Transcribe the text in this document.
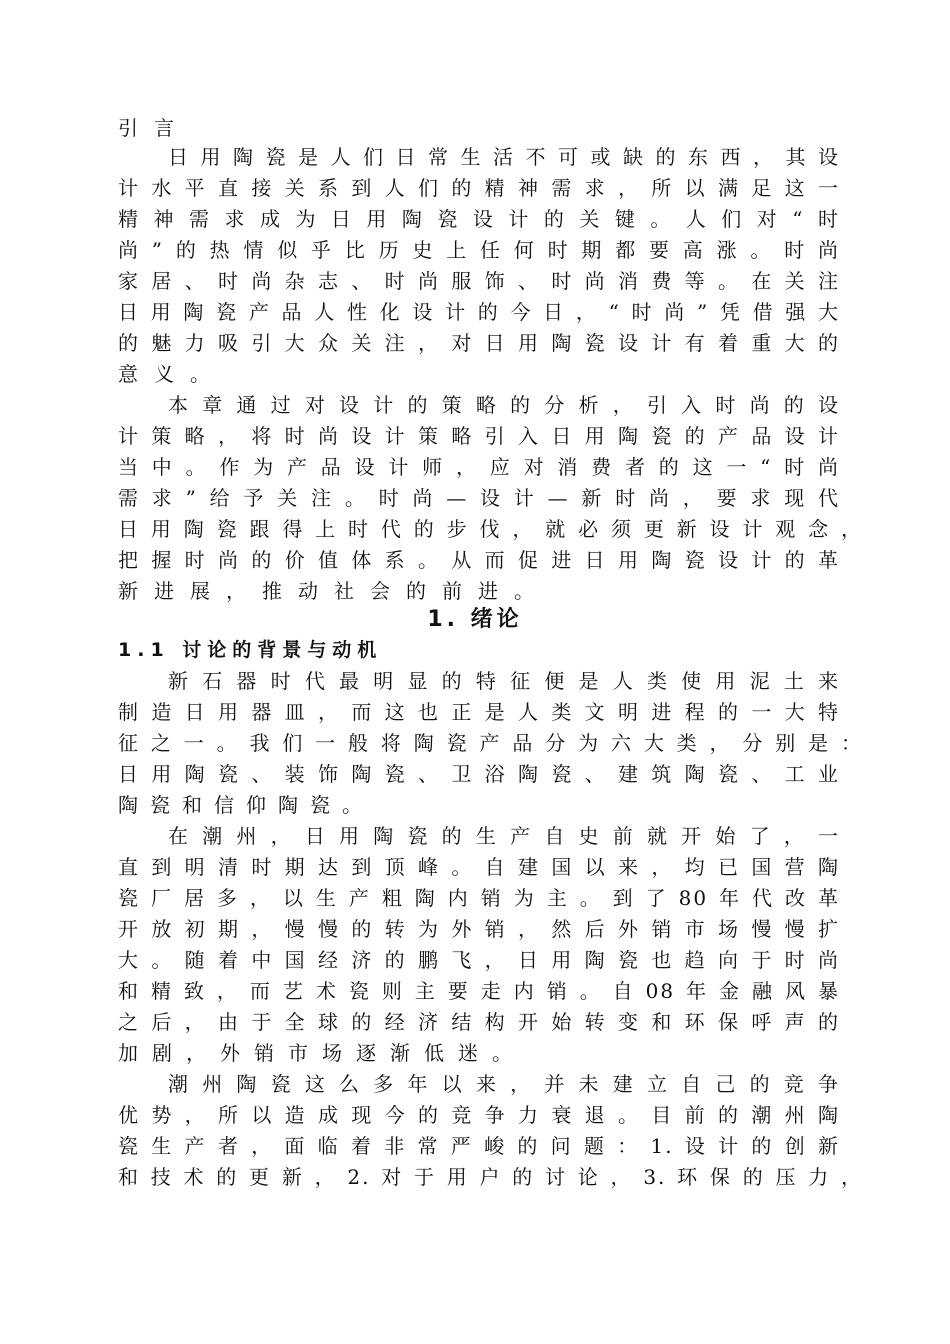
引言
日用陶瓷是人们日常生活不可或缺的东西，其设
计水平直接关系到人们的精神需求，所以满足这一
精神需求成为日用陶瓷设计的关键。人们对“时
尚”的热情似乎比历史上任何时期都要高涨。时尚
家居、时尚杂志、时尚服饰、时尚消费等。在关注
日用陶瓷产品人性化设计的今日，“时尚”凭借强大
的魅力吸引大众关注，对日用陶瓷设计有着重大的
意义。
本章通过对设计的策略的分析，引入时尚的设
计策略，将时尚设计策略引入日用陶瓷的产品设计
当中。作为产品设计师，应对消费者的这一“时尚
需求”给予关注。时尚—设计—新时尚，要求现代
日用陶瓷跟得上时代的步伐，就必须更新设计观念，
把握时尚的价值体系。从而促进日用陶瓷设计的革
新进展，推动社会的前进。
1. 绪论
1.1 讨论的背景与动机
新石器时代最明显的特征便是人类使用泥土来
制造日用器皿，而这也正是人类文明进程的一大特
征之一。我们一般将陶瓷产品分为六大类，分别是：
日用陶瓷、装饰陶瓷、卫浴陶瓷、建筑陶瓷、工业
陶瓷和信仰陶瓷。
在潮州，日用陶瓷的生产自史前就开始了，一
直到明清时期达到顶峰。自建国以来，均已国营陶
瓷厂居多，以生产粗陶内销为主。到了80年代改革
开放初期，慢慢的转为外销，然后外销市场慢慢扩
大。随着中国经济的鹏飞，日用陶瓷也趋向于时尚
和精致，而艺术瓷则主要走内销。自08年金融风暴
之后，由于全球的经济结构开始转变和环保呼声的
加剧，外销市场逐渐低迷。
潮州陶瓷这么多年以来，并未建立自己的竞争
优势，所以造成现今的竞争力衰退。目前的潮州陶
瓷生产者，面临着非常严峻的问题：1.设计的创新
和技术的更新，2.对于用户的讨论，3.环保的压力，
